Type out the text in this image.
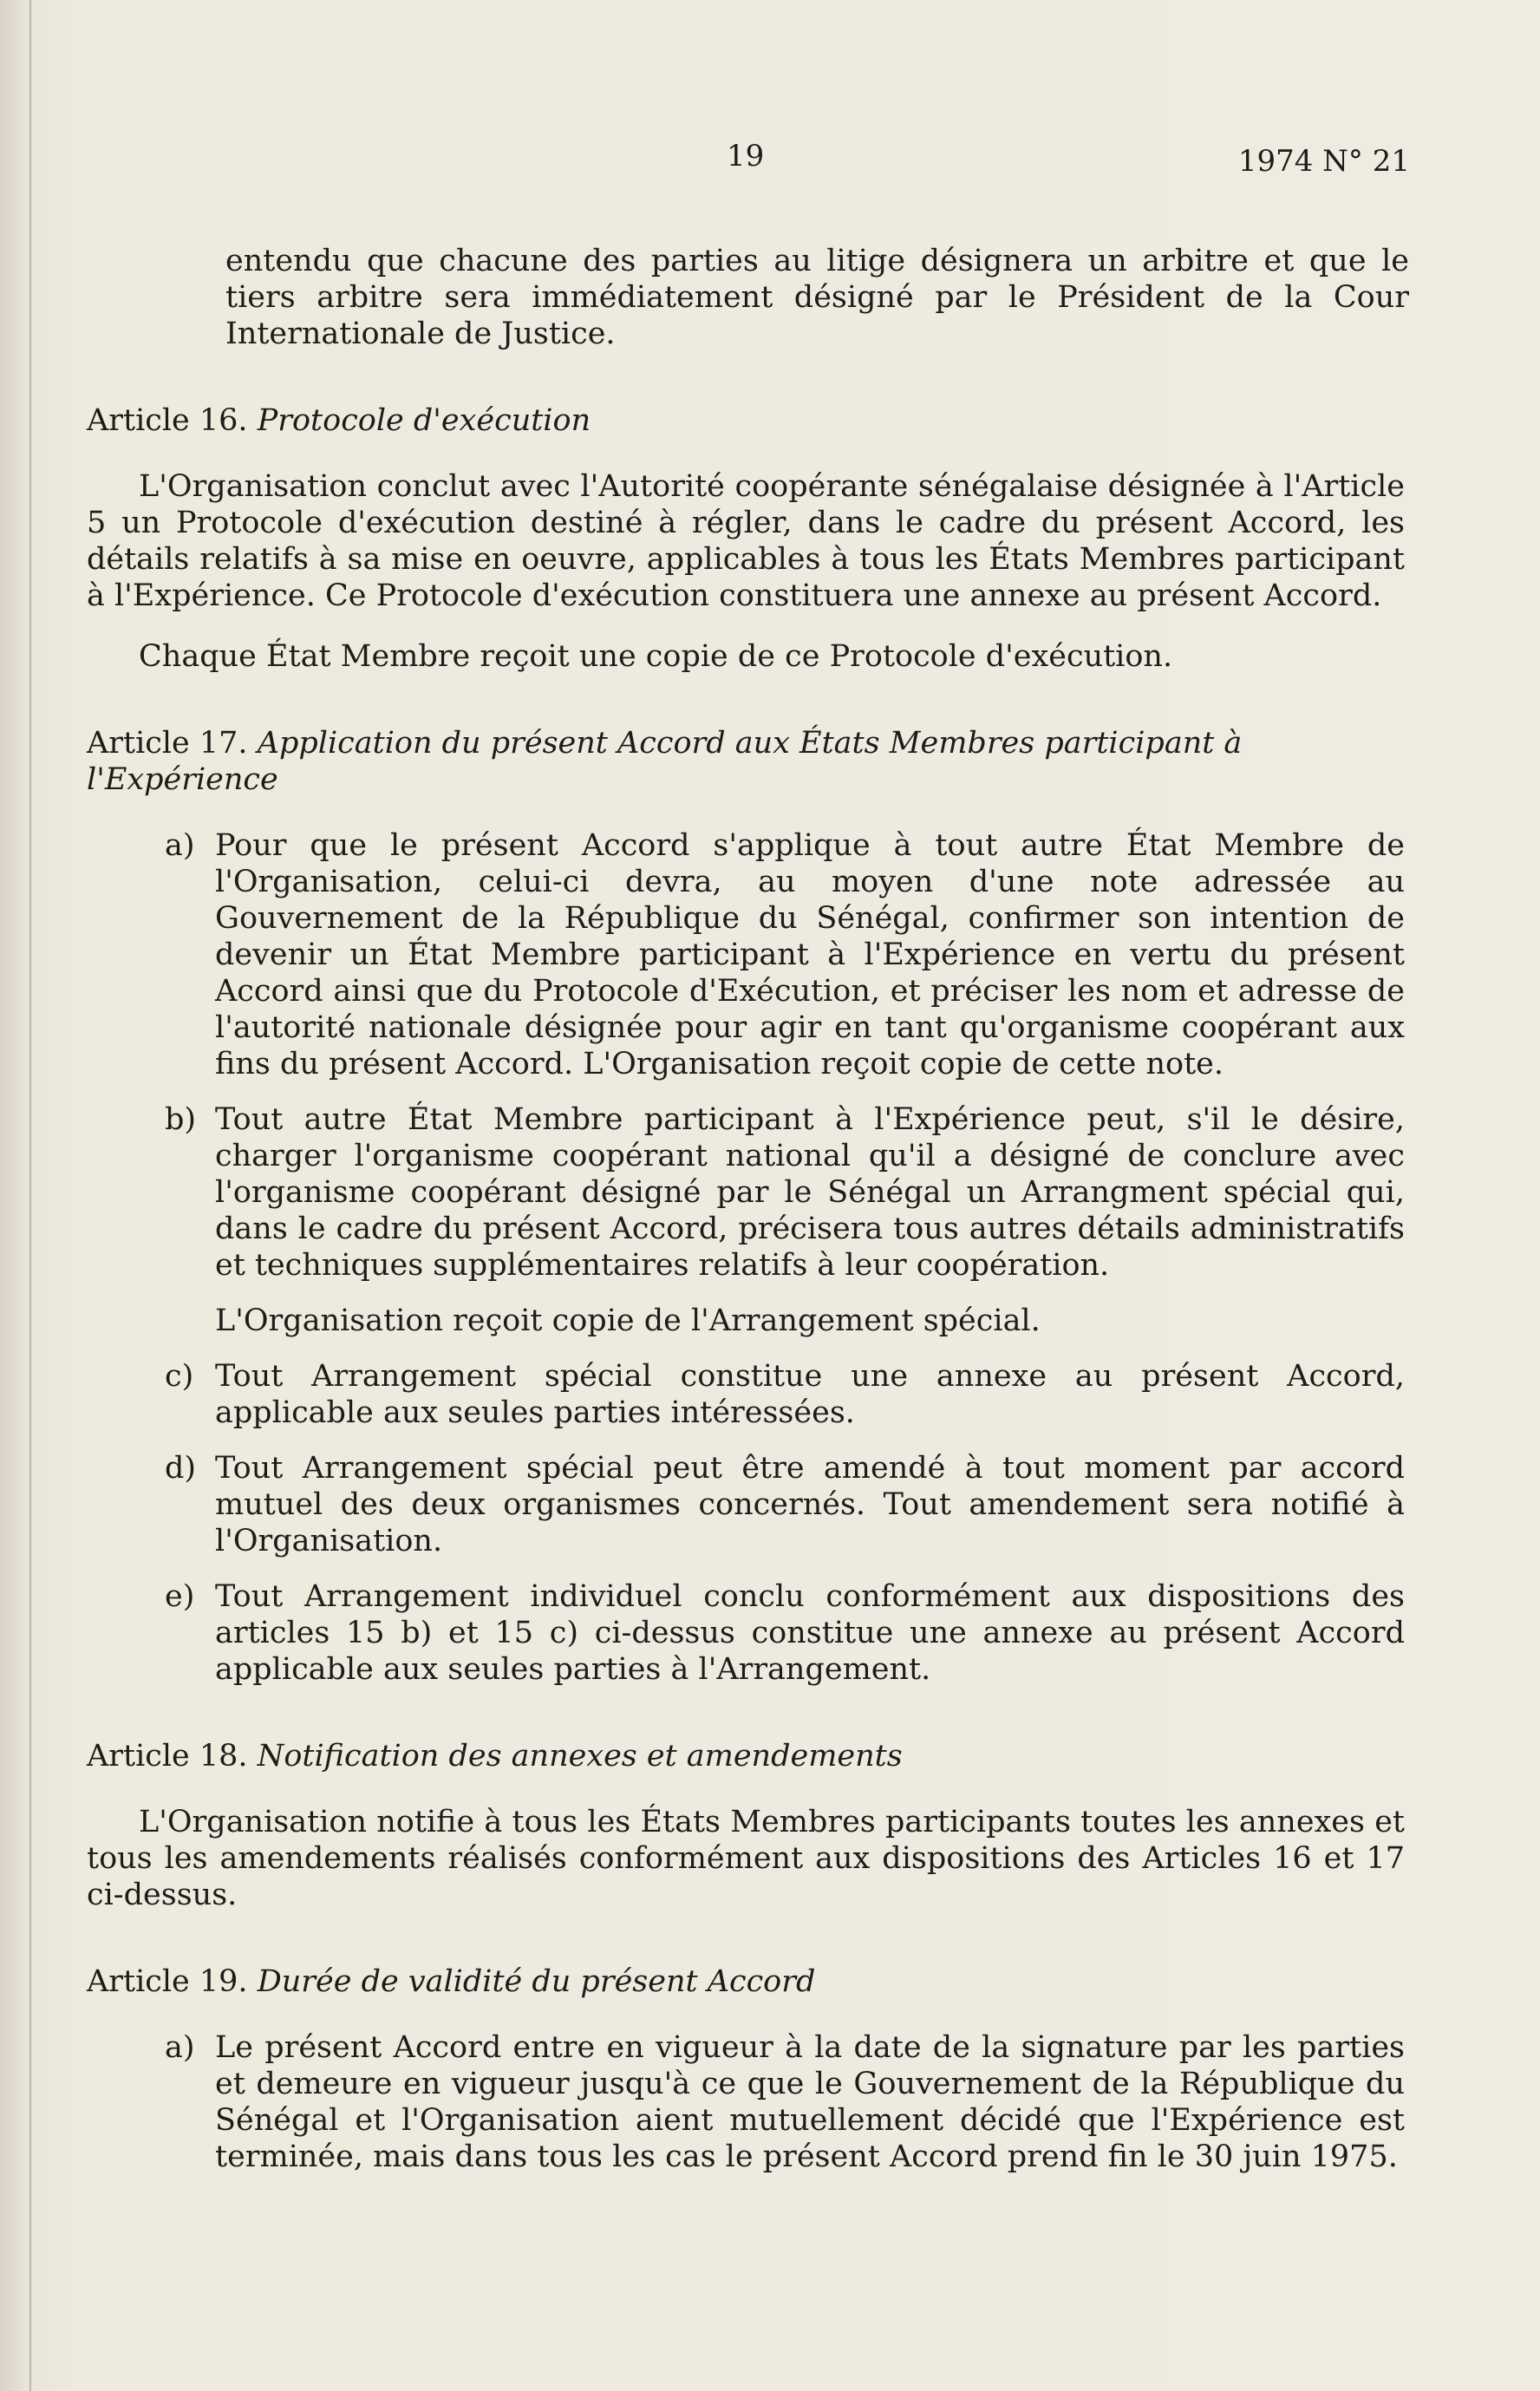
19	1974 N° 21

entendu que chacune des parties au litige désignera un arbitre et que le tiers arbitre sera immédiatement désigné par le Président de la Cour Internationale de Justice.

Article 16. Protocole d'exécution

L'Organisation conclut avec l'Autorité coopérante sénégalaise désignée à l'Article 5 un Protocole d'exécution destiné à régler, dans le cadre du présent Accord, les détails relatifs à sa mise en oeuvre, applicables à tous les États Membres participant à l'Expérience. Ce Protocole d'exécution constituera une annexe au présent Accord.

Chaque État Membre reçoit une copie de ce Protocole d'exécution.

Article 17. Application du présent Accord aux États Membres participant à l'Expérience

a) Pour que le présent Accord s'applique à tout autre État Membre de l'Organisation, celui-ci devra, au moyen d'une note adressée au Gouvernement de la République du Sénégal, confirmer son intention de devenir un État Membre participant à l'Expérience en vertu du présent Accord ainsi que du Protocole d'Exécution, et préciser les nom et adresse de l'autorité nationale désignée pour agir en tant qu'organisme coopérant aux fins du présent Accord. L'Organisation reçoit copie de cette note.
b) Tout autre État Membre participant à l'Expérience peut, s'il le désire, charger l'organisme coopérant national qu'il a désigné de conclure avec l'organisme coopérant désigné par le Sénégal un Arrangment spécial qui, dans le cadre du présent Accord, précisera tous autres détails administratifs et techniques supplémentaires relatifs à leur coopération.

L'Organisation reçoit copie de l'Arrangement spécial.

c) Tout Arrangement spécial constitue une annexe au présent Accord, applicable aux seules parties intéressées.
d) Tout Arrangement spécial peut être amendé à tout moment par accord mutuel des deux organismes concernés. Tout amendement sera notifié à l'Organisation.
e) Tout Arrangement individuel conclu conformément aux dispositions des articles 15 b) et 15 c) ci-dessus constitue une annexe au présent Accord applicable aux seules parties à l'Arrangement.

Article 18. Notification des annexes et amendements

L'Organisation notifie à tous les États Membres participants toutes les annexes et tous les amendements réalisés conformément aux dispositions des Articles 16 et 17 ci-dessus.

Article 19. Durée de validité du présent Accord

a) Le présent Accord entre en vigueur à la date de la signature par les parties et demeure en vigueur jusqu'à ce que le Gouvernement de la République du Sénégal et l'Organisation aient mutuellement décidé que l'Expérience est terminée, mais dans tous les cas le présent Accord prend fin le 30 juin 1975.
